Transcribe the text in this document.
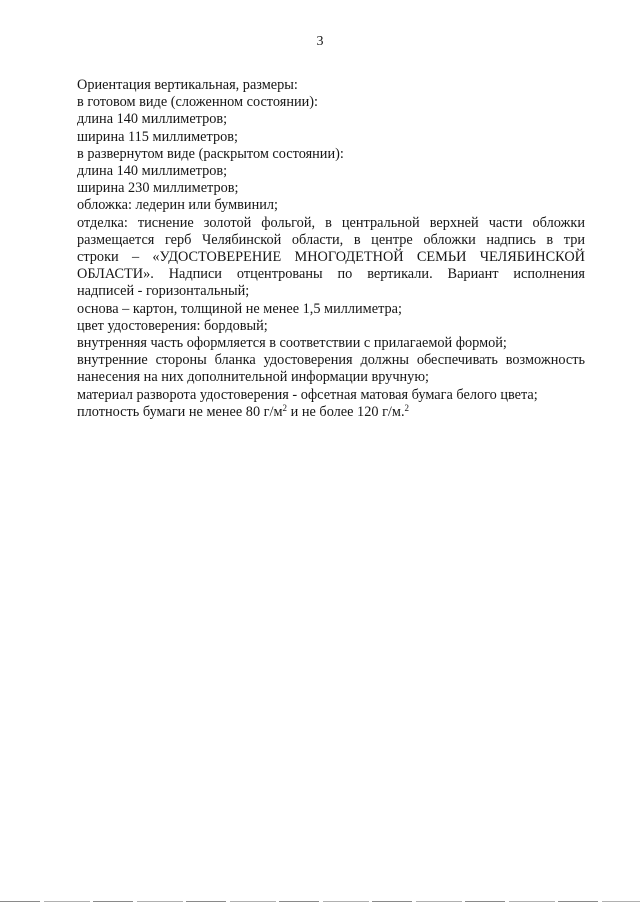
3
Ориентация вертикальная, размеры:
в готовом виде (сложенном состоянии):
длина 140 миллиметров;
ширина 115 миллиметров;
в развернутом виде (раскрытом состоянии):
длина 140 миллиметров;
ширина 230 миллиметров;
обложка: ледерин или бумвинил;
отделка: тиснение золотой фольгой, в центральной верхней части обложки
размещается герб Челябинской области, в центре обложки надпись в три
строки – «УДОСТОВЕРЕНИЕ МНОГОДЕТНОЙ СЕМЬИ ЧЕЛЯБИНСКОЙ
ОБЛАСТИ». Надписи отцентрованы по вертикали. Вариант исполнения
надписей - горизонтальный;
основа – картон, толщиной не менее 1,5 миллиметра;
цвет удостоверения: бордовый;
внутренняя часть оформляется в соответствии с прилагаемой формой;
внутренние стороны бланка удостоверения должны обеспечивать возможность
нанесения на них дополнительной информации вручную;
материал разворота удостоверения - офсетная матовая бумага белого цвета;
плотность бумаги не менее 80 $г/м^2$ и не более 120 г/м.$^2$
